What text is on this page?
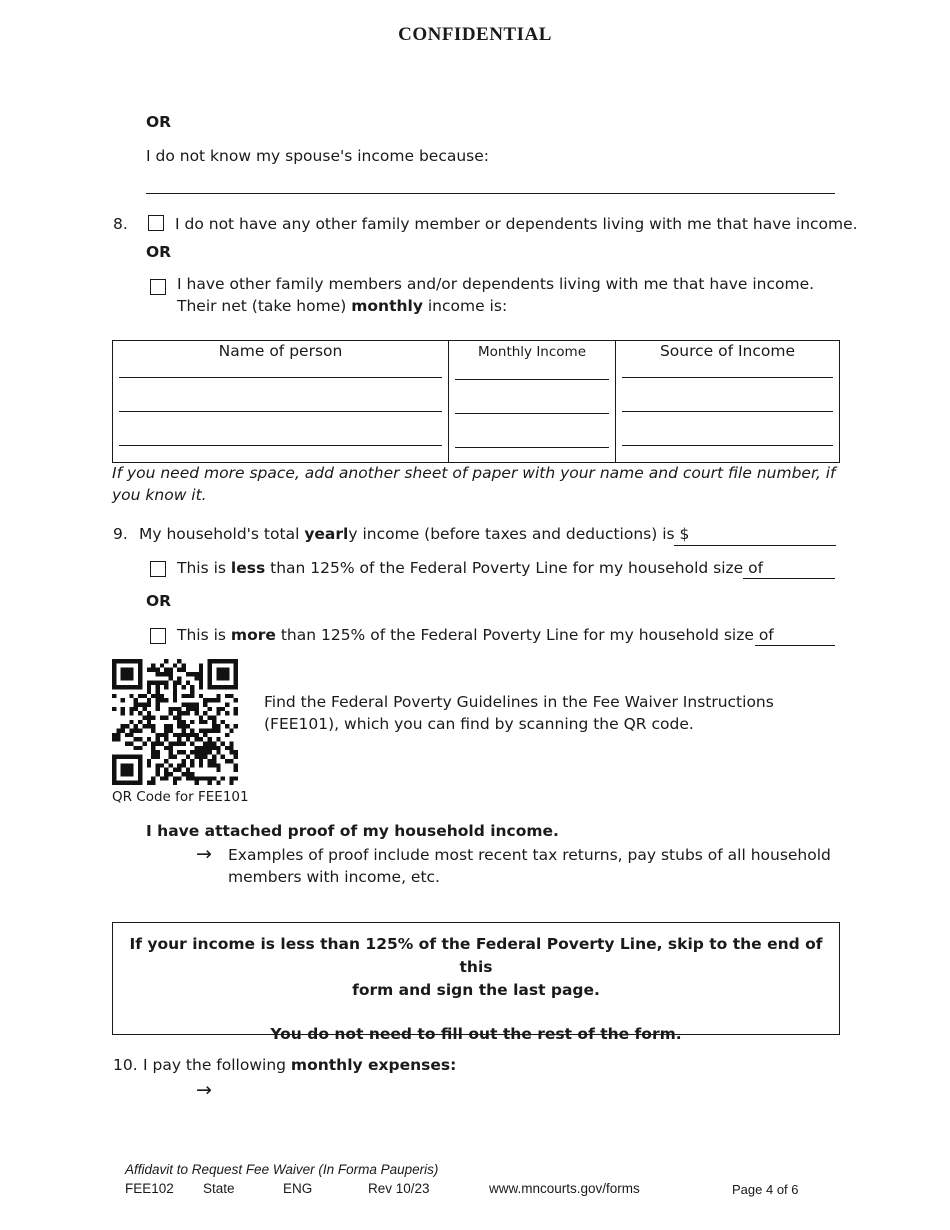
CONFIDENTIAL
OR
I do not know my spouse's income because:
8.	I do not have any other family member or dependents living with me that have income.
OR
I have other family members and/or dependents living with me that have income.
Their net (take home) monthly income is:
Name of person	Monthly Income	Source of Income
If you need more space, add another sheet of paper with your name and court file number, if
you know it.
9. My household's total yearly income (before taxes and deductions) is $
This is less than 125% of the Federal Poverty Line for my household size of
OR
This is more than 125% of the Federal Poverty Line for my household size of
QR Code for FEE101
Find the Federal Poverty Guidelines in the Fee Waiver Instructions
(FEE101), which you can find by scanning the QR code.
I have attached proof of my household income.
→ Examples of proof include most recent tax returns, pay stubs of all household
members with income, etc.
If your income is less than 125% of the Federal Poverty Line, skip to the end of this
form and sign the last page.
You do not need to fill out the rest of the form.
10. I pay the following monthly expenses:
→
Affidavit to Request Fee Waiver (In Forma Pauperis)
FEE102 State	ENG	Rev 10/23	www.mncourts.gov/forms	Page 4 of 6
